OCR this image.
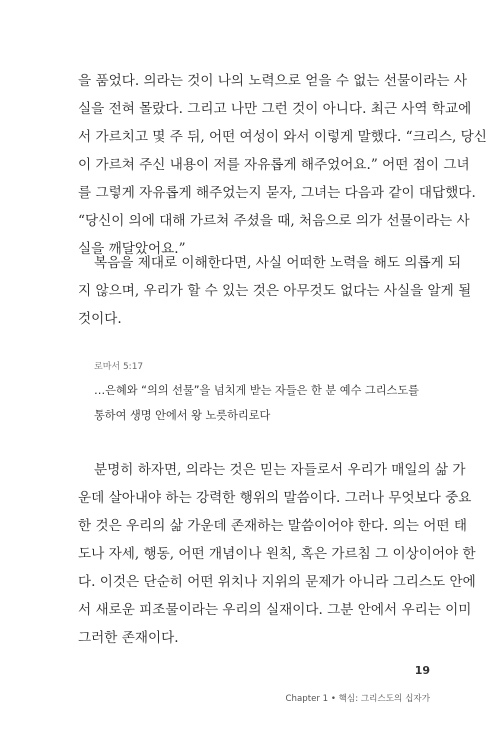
을 품었다. 의라는 것이 나의 노력으로 얻을 수 없는 선물이라는 사
실을 전혀 몰랐다. 그리고 나만 그런 것이 아니다. 최근 사역 학교에
서 가르치고 몇 주 뒤, 어떤 여성이 와서 이렇게 말했다. “크리스, 당신
이 가르쳐 주신 내용이 저를 자유롭게 해주었어요.” 어떤 점이 그녀
를 그렇게 자유롭게 해주었는지 묻자, 그녀는 다음과 같이 대답했다.
“당신이 의에 대해 가르쳐 주셨을 때, 처음으로 의가 선물이라는 사
실을 깨달았어요.”
복음을 제대로 이해한다면, 사실 어떠한 노력을 해도 의롭게 되
지 않으며, 우리가 할 수 있는 것은 아무것도 없다는 사실을 알게 될
것이다.

로마서 5:17

…은혜와 “의의 선물”을 넘치게 받는 자들은 한 분 예수 그리스도를
통하여 생명 안에서 왕 노릇하리로다
분명히 하자면, 의라는 것은 믿는 자들로서 우리가 매일의 삶 가
운데 살아내야 하는 강력한 행위의 말씀이다. 그러나 무엇보다 중요
한 것은 우리의 삶 가운데 존재하는 말씀이어야 한다. 의는 어떤 태
도나 자세, 행동, 어떤 개념이나 원칙, 혹은 가르침 그 이상이어야 한
다. 이것은 단순히 어떤 위치나 지위의 문제가 아니라 그리스도 안에
서 새로운 피조물이라는 우리의 실재이다. 그분 안에서 우리는 이미
그러한 존재이다.

19

Chapter 1 • 핵심: 그리스도의 십자가
